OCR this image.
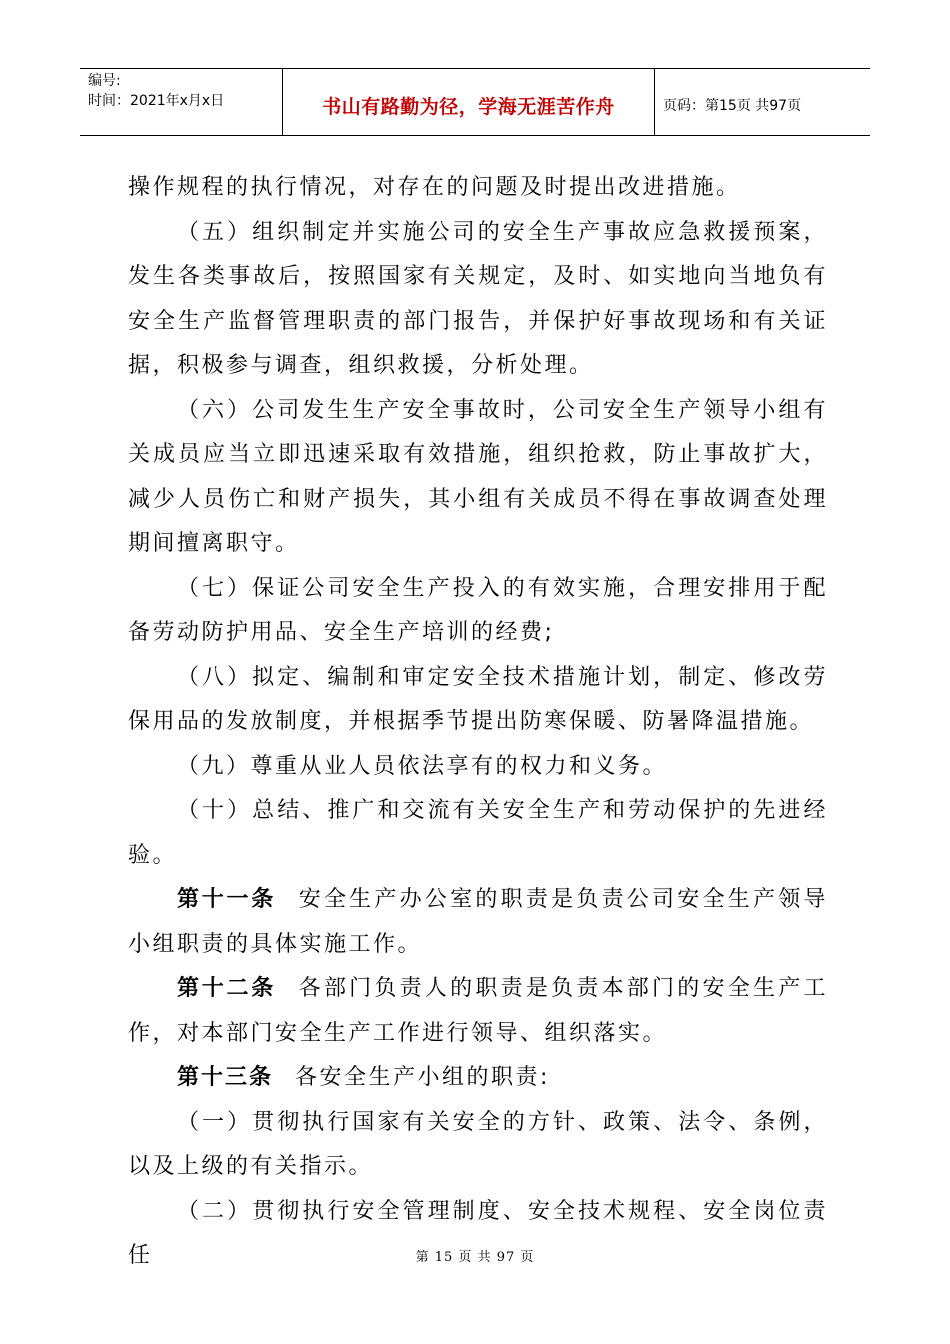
编号:
时间：2021年x月x日	书山有路勤为径，学海无涯苦作舟	页码：第15页 共97页

操作规程的执行情况，对存在的问题及时提出改进措施。

（五）组织制定并实施公司的安全生产事故应急救援预案，发生各类事故后，按照国家有关规定，及时、如实地向当地负有安全生产监督管理职责的部门报告，并保护好事故现场和有关证据，积极参与调查，组织救援，分析处理。

（六）公司发生生产安全事故时，公司安全生产领导小组有关成员应当立即迅速采取有效措施，组织抢救，防止事故扩大，减少人员伤亡和财产损失，其小组有关成员不得在事故调查处理期间擅离职守。

（七）保证公司安全生产投入的有效实施，合理安排用于配备劳动防护用品、安全生产培训的经费;

（八）拟定、编制和审定安全技术措施计划，制定、修改劳保用品的发放制度，并根据季节提出防寒保暖、防暑降温措施。

（九）尊重从业人员依法享有的权力和义务。

（十）总结、推广和交流有关安全生产和劳动保护的先进经验。

第十一条 安全生产办公室的职责是负责公司安全生产领导小组职责的具体实施工作。

第十二条 各部门负责人的职责是负责本部门的安全生产工作，对本部门安全生产工作进行领导、组织落实。

第十三条 各安全生产小组的职责:

（一）贯彻执行国家有关安全的方针、政策、法令、条例，以及上级的有关指示。

（二）贯彻执行安全管理制度、安全技术规程、安全岗位责任	第 15 页 共 97 页
